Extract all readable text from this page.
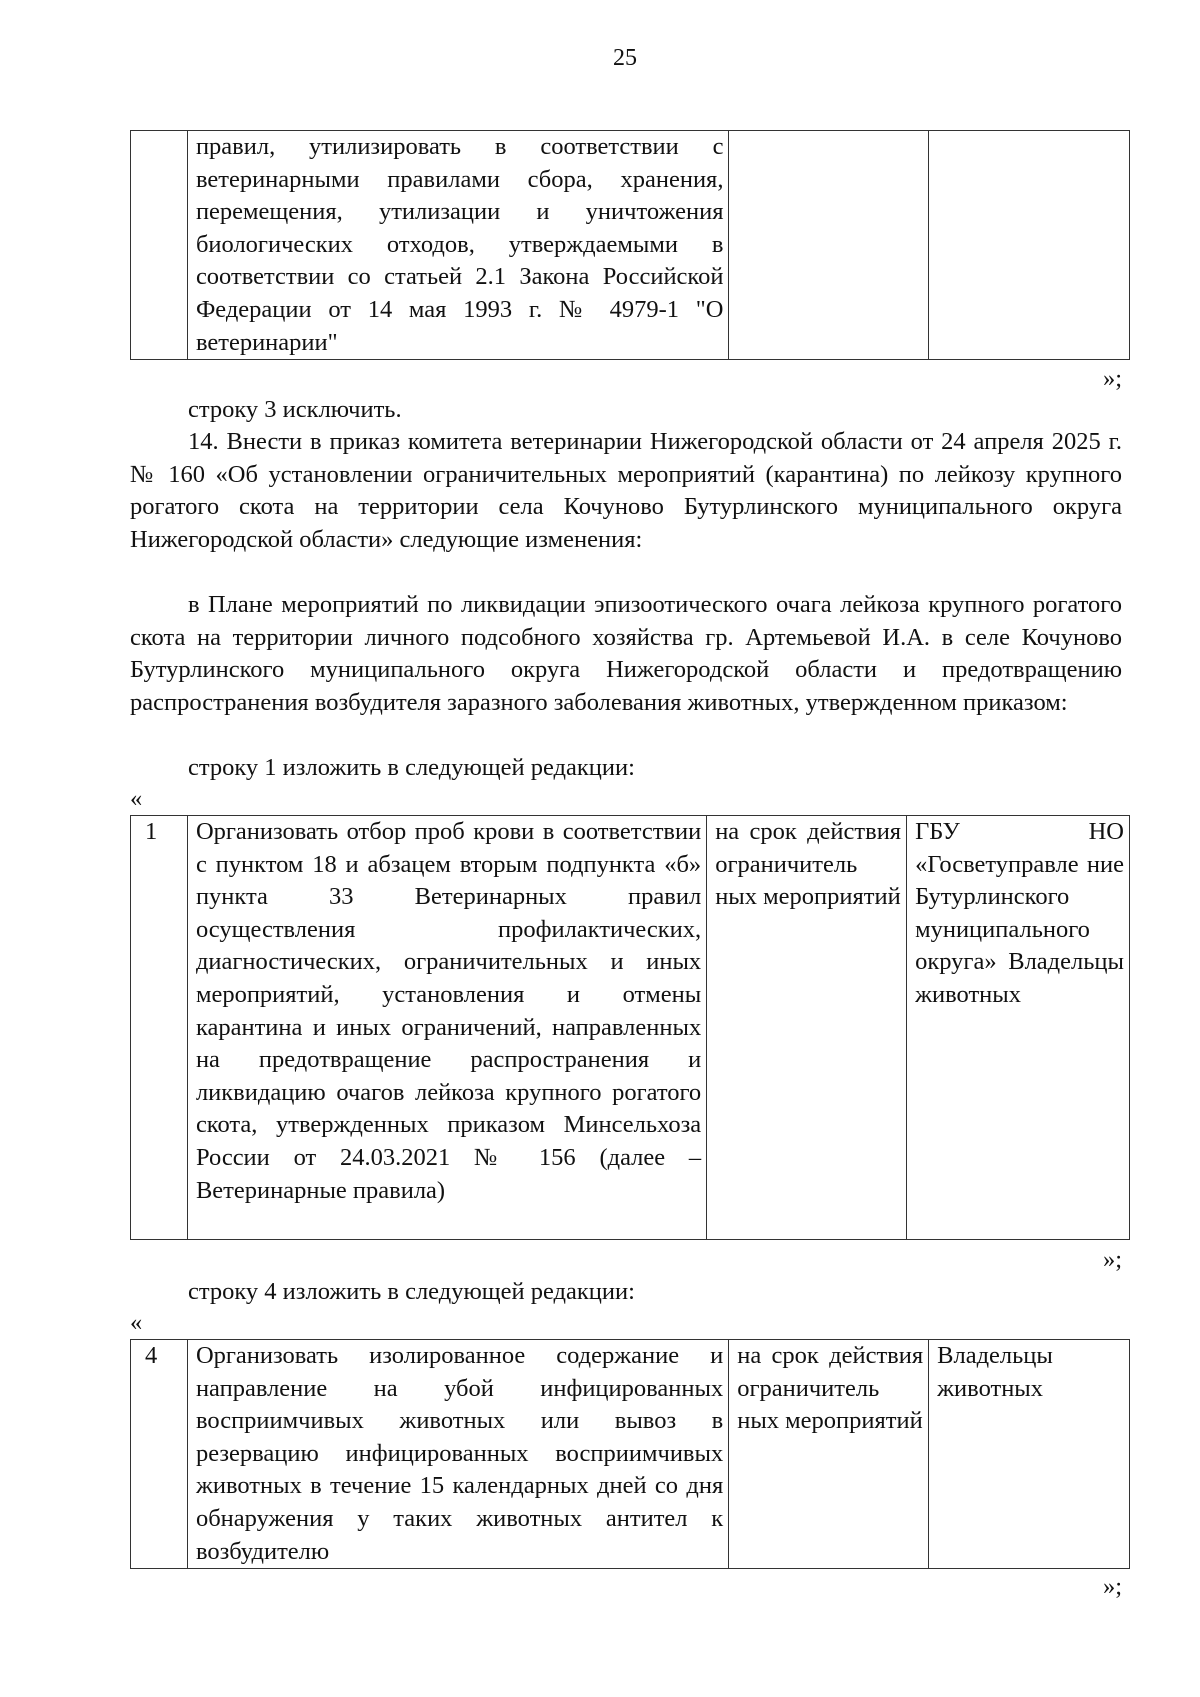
25
	правил, утилизировать в соответствии с ветеринарными правилами сбора, хранения, перемещения, утилизации и уничтожения биологических отходов, утверждаемыми в соответствии со статьей 2.1 Закона Российской Федерации от 14 мая 1993 г. № 4979-1 "О ветеринарии"		
»;
строку 3 исключить.
14. Внести в приказ комитета ветеринарии Нижегородской области от 24 апреля 2025 г. № 160 «Об установлении ограничительных мероприятий (карантина) по лейкозу крупного рогатого скота на территории села Кочуново Бутурлинского муниципального округа Нижегородской области» следующие изменения:
в Плане мероприятий по ликвидации эпизоотического очага лейкоза крупного рогатого скота на территории личного подсобного хозяйства гр. Артемьевой И.А. в селе Кочуново Бутурлинского муниципального округа Нижегородской области и предотвращению распространения возбудителя заразного заболевания животных, утвержденном приказом:
строку 1 изложить в следующей редакции:
«
1	Организовать отбор проб крови в соответствии с пунктом 18 и абзацем вторым подпункта «б» пункта 33 Ветеринарных правил осуществления профилактических, диагностических, ограничительных и иных мероприятий, установления и отмены карантина и иных ограничений, направленных на предотвращение распространения и ликвидацию очагов лейкоза крупного рогатого скота, утвержденных приказом Минсельхоза России от 24.03.2021 № 156 (далее – Ветеринарные правила)	на срок действия ограничитель ных мероприятий	ГБУ НО «Госветуправле ние Бутурлинского муниципального округа» Владельцы животных
»;
строку 4 изложить в следующей редакции:
«
4	Организовать изолированное содержание и направление на убой инфицированных восприимчивых животных или вывоз в резервацию инфицированных восприимчивых животных в течение 15 календарных дней со дня обнаружения у таких животных антител к возбудителю	на срок действия ограничитель ных мероприятий	Владельцы животных
»;
